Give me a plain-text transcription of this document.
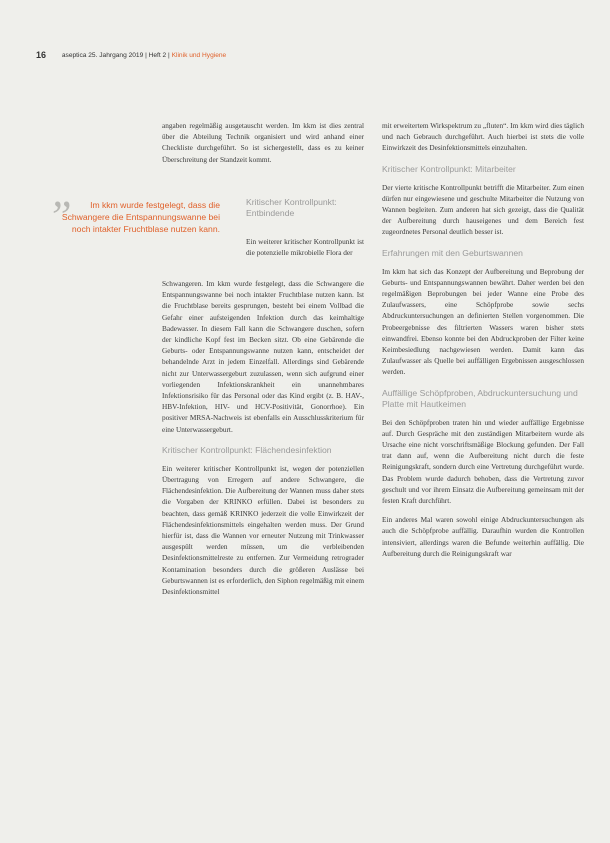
16 aseptica 25. Jahrgang 2019 | Heft 2 | Klinik und Hygiene

angaben regelmäßig ausgetauscht werden. Im kkm ist dies zentral über die Abteilung Technik organisiert und wird anhand einer Checkliste durchgeführt. So ist sichergestellt, dass es zu keiner Überschreitung der Standzeit kommt.

„	Im kkm wurde festgelegt, dass die Schwangere die Entspannungswanne bei noch intakter Fruchtblase nutzen kann.
Kritischer Kontrollpunkt: Entbindende
Ein weiterer kritischer Kontrollpunkt ist die potenzielle mikrobielle Flora der

Schwangeren. Im kkm wurde festgelegt, dass die Schwangere die Entspannungswanne bei noch intakter Fruchtblase nutzen kann. Ist die Fruchtblase bereits gesprungen, besteht bei einem Vollbad die Gefahr einer aufsteigenden Infektion durch das keimhaltige Badewasser. In diesem Fall kann die Schwangere duschen, sofern der kindliche Kopf fest im Becken sitzt. Ob eine Gebärende die Geburts- oder Entspannungswanne nutzen kann, entscheidet der behandelnde Arzt in jedem Einzelfall. Allerdings sind Gebärende nicht zur Unterwassergeburt zuzulassen, wenn sich aufgrund einer vorliegenden Infektionskrankheit ein unannehmbares Infektionsrisiko für das Personal oder das Kind ergibt (z. B. HAV-, HBV-Infektion, HIV- und HCV-Positivität, Gonorrhoe). Ein positiver MRSA-Nachweis ist ebenfalls ein Ausschlusskriterium für eine Unterwassergeburt.

Kritischer Kontrollpunkt: Flächendesinfektion

Ein weiterer kritischer Kontrollpunkt ist, wegen der potenziellen Übertragung von Erregern auf andere Schwangere, die Flächendesinfektion. Die Aufbereitung der Wannen muss daher stets die Vorgaben der KRINKO erfüllen. Dabei ist besonders zu beachten, dass gemäß KRINKO jederzeit die volle Einwirkzeit der Flächendesinfektionsmittels eingehalten werden muss. Der Grund hierfür ist, dass die Wannen vor erneuter Nutzung mit Trinkwasser ausgespült werden müssen, um die verbleibenden Desinfektionsmittelreste zu entfernen. Zur Vermeidung retrograder Kontamination besonders durch die größeren Auslässe bei Geburtswannen ist es erforderlich, den Siphon regelmäßig mit einem Desinfektionsmittel

mit erweitertem Wirkspektrum zu „fluten“. Im kkm wird dies täglich und nach Gebrauch durchgeführt. Auch hierbei ist stets die volle Einwirkzeit des Desinfektionsmittels einzuhalten.

Kritischer Kontrollpunkt: Mitarbeiter

Der vierte kritische Kontrollpunkt betrifft die Mitarbeiter. Zum einen dürfen nur eingewiesene und geschulte Mitarbeiter die Nutzung von Wannen begleiten. Zum anderen hat sich gezeigt, dass die Qualität der Aufbereitung durch hauseigenes und dem Bereich fest zugeordnetes Personal deutlich besser ist.

Erfahrungen mit den Geburtswannen

Im kkm hat sich das Konzept der Aufbereitung und Beprobung der Geburts- und Entspannungswannen bewährt. Daher werden bei den regelmäßigen Beprobungen bei jeder Wanne eine Probe des Zulaufwassers, eine Schöpfprobe sowie sechs Abdruckuntersuchungen an definierten Stellen vorgenommen. Die Probeergebnisse des filtrierten Wassers waren bisher stets einwandfrei. Ebenso konnte bei den Abdruckproben der Filter keine Keimbesiedlung nachgewiesen werden. Damit kann das Zulaufwasser als Quelle bei auffälligen Ergebnissen ausgeschlossen werden.

Auffällige Schöpfproben, Abdruckuntersuchung und Platte mit Hautkeimen

Bei den Schöpfproben traten hin und wieder auffällige Ergebnisse auf. Durch Gespräche mit den zuständigen Mitarbeitern wurde als Ursache eine nicht vorschriftsmäßige Blockung gefunden. Der Fall trat dann auf, wenn die Aufbereitung nicht durch die feste Reinigungskraft, sondern durch eine Vertretung durchgeführt wurde. Das Problem wurde dadurch behoben, dass die Vertretung zuvor geschult und vor ihrem Einsatz die Aufbereitung gemeinsam mit der festen Kraft durchführt.

Ein anderes Mal waren sowohl einige Abdruckuntersuchungen als auch die Schöpfprobe auffällig. Daraufhin wurden die Kontrollen intensiviert, allerdings waren die Befunde weiterhin auffällig. Die Aufbereitung durch die Reinigungskraft war
